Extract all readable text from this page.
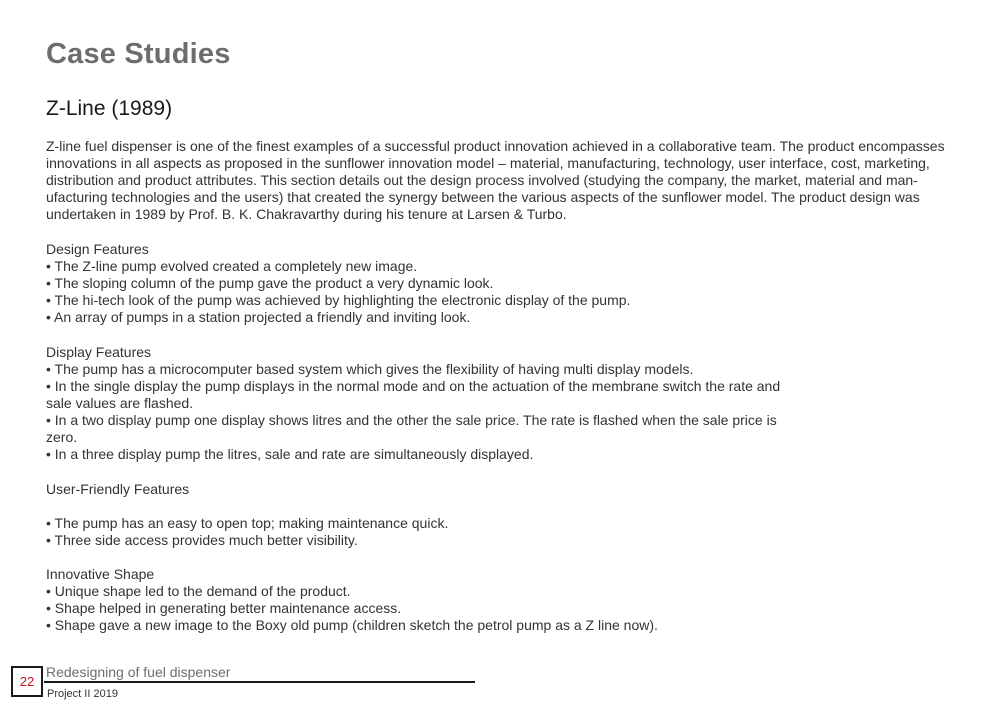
Case Studies
Z-Line (1989)

Z-line fuel dispenser is one of the finest examples of a successful product innovation achieved in a collaborative team. The product encompasses innovations in all aspects as proposed in the sunflower innovation model – material, manufacturing, technology, user interface, cost, marketing, distribution and product attributes. This section details out the design process involved (studying the company, the market, material and man-ufacturing technologies and the users) that created the synergy between the various aspects of the sunflower model. The product design was undertaken in 1989 by Prof. B. K. Chakravarthy during his tenure at Larsen & Turbo.

Design Features
• The Z-line pump evolved created a completely new image.
• The sloping column of the pump gave the product a very dynamic look.
• The hi-tech look of the pump was achieved by highlighting the electronic display of the pump.
• An array of pumps in a station projected a friendly and inviting look.
Display Features
• The pump has a microcomputer based system which gives the flexibility of having multi display models.
• In the single display the pump displays in the normal mode and on the actuation of the membrane switch the rate and sale values are flashed.
• In a two display pump one display shows litres and the other the sale price. The rate is flashed when the sale price is zero.
• In a three display pump the litres, sale and rate are simultaneously displayed.
User-Friendly Features
• The pump has an easy to open top; making maintenance quick.
• Three side access provides much better visibility.
Innovative Shape
• Unique shape led to the demand of the product.
• Shape helped in generating better maintenance access.
• Shape gave a new image to the Boxy old pump (children sketch the petrol pump as a Z line now).
22
Redesigning of fuel dispenser
Project II 2019
